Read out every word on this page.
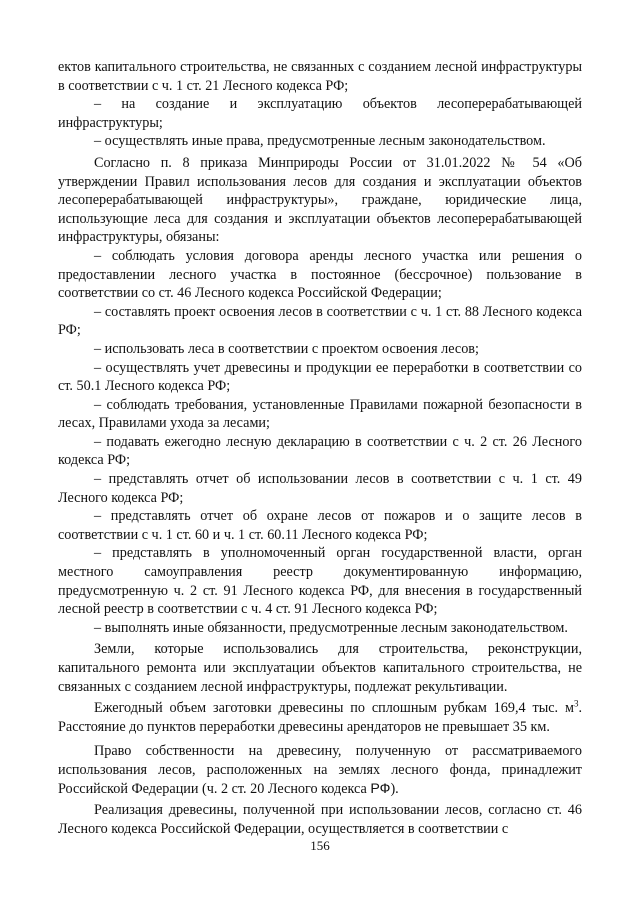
ектов капитального строительства, не связанных с созданием лесной инфраструктуры в соответствии с ч. 1 ст. 21 Лесного кодекса РФ;

– на создание и эксплуатацию объектов лесоперерабатывающей инфраструктуры;

– осуществлять иные права, предусмотренные лесным законодательством.

Согласно п. 8 приказа Минприроды России от 31.01.2022 № 54 «Об утверждении Правил использования лесов для создания и эксплуатации объектов лесоперерабатывающей инфраструктуры», граждане, юридические лица, использующие леса для создания и эксплуатации объектов лесоперерабатывающей инфраструктуры, обязаны:

– соблюдать условия договора аренды лесного участка или решения о предоставлении лесного участка в постоянное (бессрочное) пользование в соответствии со ст. 46 Лесного кодекса Российской Федерации;

– составлять проект освоения лесов в соответствии с ч. 1 ст. 88 Лесного кодекса РФ;

– использовать леса в соответствии с проектом освоения лесов;

– осуществлять учет древесины и продукции ее переработки в соответствии со ст. 50.1 Лесного кодекса РФ;

– соблюдать требования, установленные Правилами пожарной безопасности в лесах, Правилами ухода за лесами;

– подавать ежегодно лесную декларацию в соответствии с ч. 2 ст. 26 Лесного кодекса РФ;

– представлять отчет об использовании лесов в соответствии с ч. 1 ст. 49 Лесного кодекса РФ;

– представлять отчет об охране лесов от пожаров и о защите лесов в соответствии с ч. 1 ст. 60 и ч. 1 ст. 60.11 Лесного кодекса РФ;

– представлять в уполномоченный орган государственной власти, орган местного самоуправления реестр документированную информацию, предусмотренную ч. 2 ст. 91 Лесного кодекса РФ, для внесения в государственный лесной реестр в соответствии с ч. 4 ст. 91 Лесного кодекса РФ;

– выполнять иные обязанности, предусмотренные лесным законодательством.

Земли, которые использовались для строительства, реконструкции, капитального ремонта или эксплуатации объектов капитального строительства, не связанных с созданием лесной инфраструктуры, подлежат рекультивации.

Ежегодный объем заготовки древесины по сплошным рубкам 169,4 тыс. $м^3$. Расстояние до пунктов переработки древесины арендаторов не превышает 35 км.

Право собственности на древесину, полученную от рассматриваемого использования лесов, расположенных на землях лесного фонда, принадлежит Российской Федерации (ч. 2 ст. 20 Лесного кодекса РФ).

Реализация древесины, полученной при использовании лесов, согласно ст. 46 Лесного кодекса Российской Федерации, осуществляется в соответствии с

156
